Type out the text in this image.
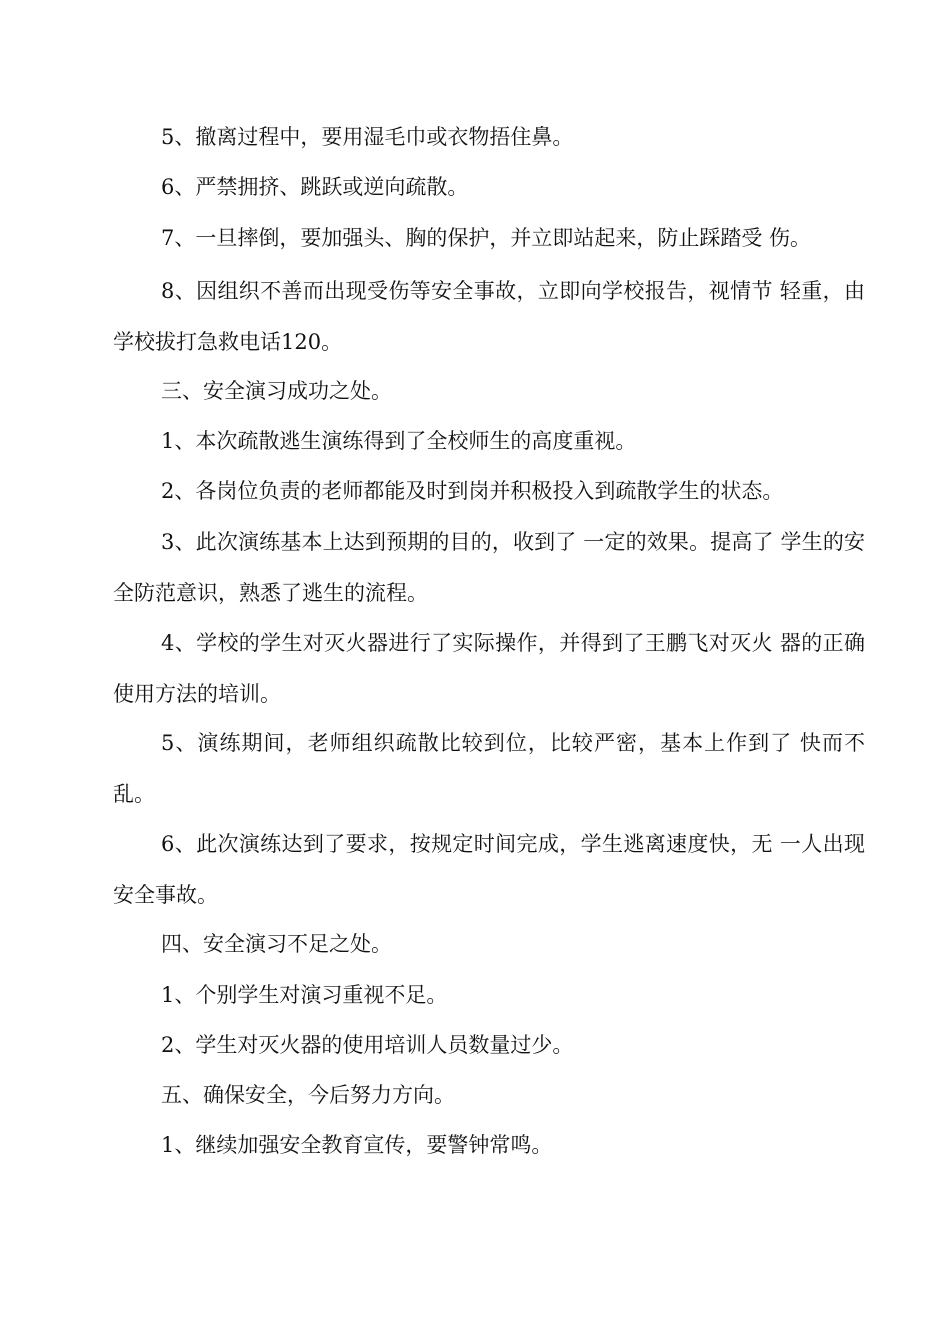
5、撤离过程中，要用湿毛巾或衣物捂住鼻。

6、严禁拥挤、跳跃或逆向疏散。

7、一旦摔倒，要加强头、胸的保护，并立即站起来，防止踩踏受 伤。

8、因组织不善而出现受伤等安全事故，立即向学校报告，视情节 轻重，由学校拔打急救电话120。

三、安全演习成功之处。

1、本次疏散逃生演练得到了全校师生的高度重视。

2、各岗位负责的老师都能及时到岗并积极投入到疏散学生的状态。

3、此次演练基本上达到预期的目的，收到了 一定的效果。提高了 学生的安全防范意识，熟悉了逃生的流程。

4、学校的学生对灭火器进行了实际操作，并得到了王鹏飞对灭火 器的正确使用方法的培训。

5、演练期间，老师组织疏散比较到位，比较严密，基本上作到了 快而不乱。

6、此次演练达到了要求，按规定时间完成，学生逃离速度快，无 一人出现安全事故。

四、安全演习不足之处。

1、个别学生对演习重视不足。

2、学生对灭火器的使用培训人员数量过少。

五、确保安全，今后努力方向。

1、继续加强安全教育宣传，要警钟常鸣。
